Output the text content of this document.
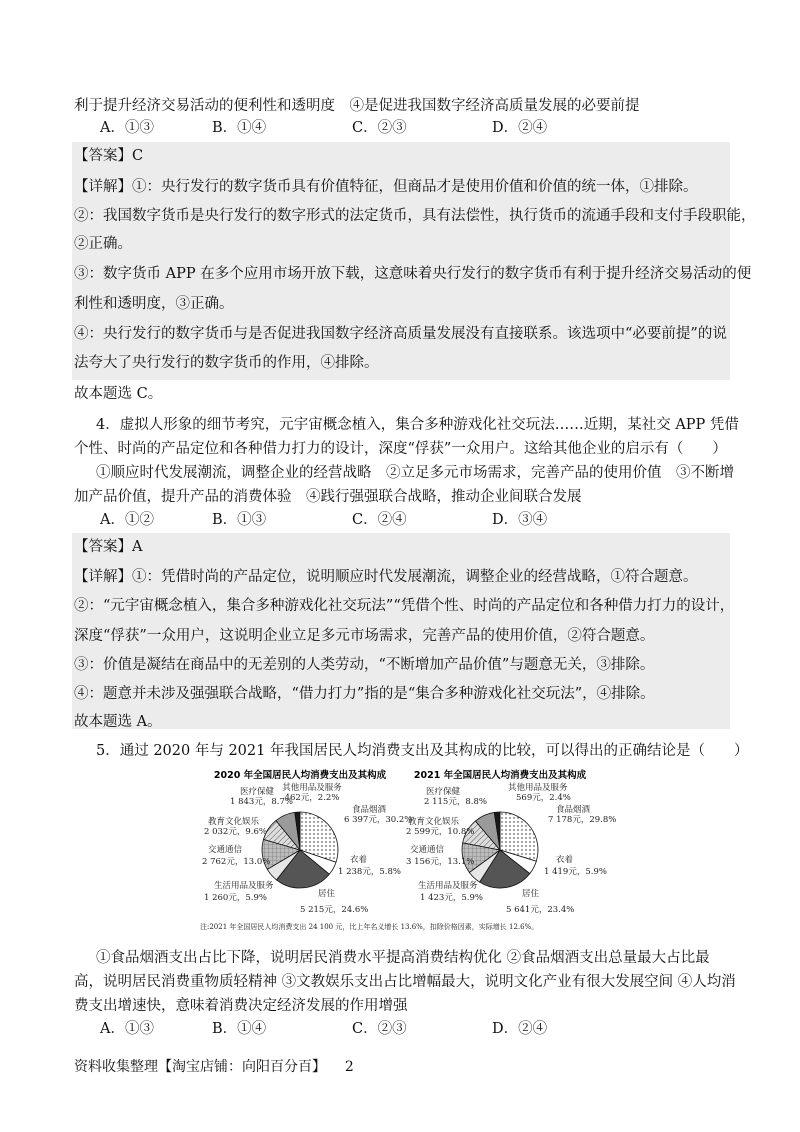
利于提升经济交易活动的便利性和透明度　④是促进我国数字经济高质量发展的必要前提
A．①③	B．①④	C．②③	D．②④
【答案】C
【详解】①：央行发行的数字货币具有价值特征，但商品才是使用价值和价值的统一体，①排除。
②：我国数字货币是央行发行的数字形式的法定货币，具有法偿性，执行货币的流通手段和支付手段职能，
②正确。
③：数字货币 APP 在多个应用市场开放下载，这意味着央行发行的数字货币有利于提升经济交易活动的便
利性和透明度，③正确。
④：央行发行的数字货币与是否促进我国数字经济高质量发展没有直接联系。该选项中“必要前提”的说
法夸大了央行发行的数字货币的作用，④排除。
故本题选 C。
4．虚拟人形象的细节考究，元宇宙概念植入，集合多种游戏化社交玩法……近期，某社交 APP 凭借
个性、时尚的产品定位和各种借力打力的设计，深度“俘获”一众用户。这给其他企业的启示有（　　）
①顺应时代发展潮流，调整企业的经营战略　②立足多元市场需求，完善产品的使用价值　③不断增
加产品价值，提升产品的消费体验　④践行强强联合战略，推动企业间联合发展
A．①②	B．①③	C．②④	D．③④
【答案】A
【详解】①：凭借时尚的产品定位，说明顺应时代发展潮流，调整企业的经营战略，①符合题意。
②：“元宇宙概念植入，集合多种游戏化社交玩法”“凭借个性、时尚的产品定位和各种借力打力的设计，
深度“俘获”一众用户，这说明企业立足多元市场需求，完善产品的使用价值，②符合题意。
③：价值是凝结在商品中的无差别的人类劳动，“不断增加产品价值”与题意无关，③排除。
④：题意并未涉及强强联合战略，“借力打力”指的是“集合多种游戏化社交玩法”，④排除。
故本题选 A。
5．通过 2020 年与 2021 年我国居民人均消费支出及其构成的比较，可以得出的正确结论是（　　）
2020 年全国居民人均消费支出及其构成
其他用品及服务
462元，2.2%
医疗保健
1 843元，8.7%
食品烟酒
6 397元，30.2%
教育文化娱乐
2 032元，9.6%
交通通信
2 762元，13.0%	衣着
1 238元，5.8%
生活用品及服务
1 260元，5.9%	居住
5 215元，24.6%
2021 年全国居民人均消费支出及其构成
其他用品及服务
569元，2.4%
医疗保健
2 115元，8.8%
食品烟酒
7 178元，29.8%
教育文化娱乐
2 599元，10.8%
交通通信
3 156元，13.1%	衣着
1 419元，5.9%
生活用品及服务
1 423元，5.9%	居住
5 641元，23.4%
注:2021 年全国居民人均消费支出 24 100 元，比上年名义增长 13.6%，扣除价格因素，实际增长 12.6%。
①食品烟酒支出占比下降，说明居民消费水平提高消费结构优化 ②食品烟酒支出总量最大占比最
高，说明居民消费重物质轻精神 ③文教娱乐支出占比增幅最大，说明文化产业有很大发展空间 ④人均消
费支出增速快，意味着消费决定经济发展的作用增强
A．①③	B．①④	C．②③	D．②④
资料收集整理【淘宝店铺：向阳百分百】 2
